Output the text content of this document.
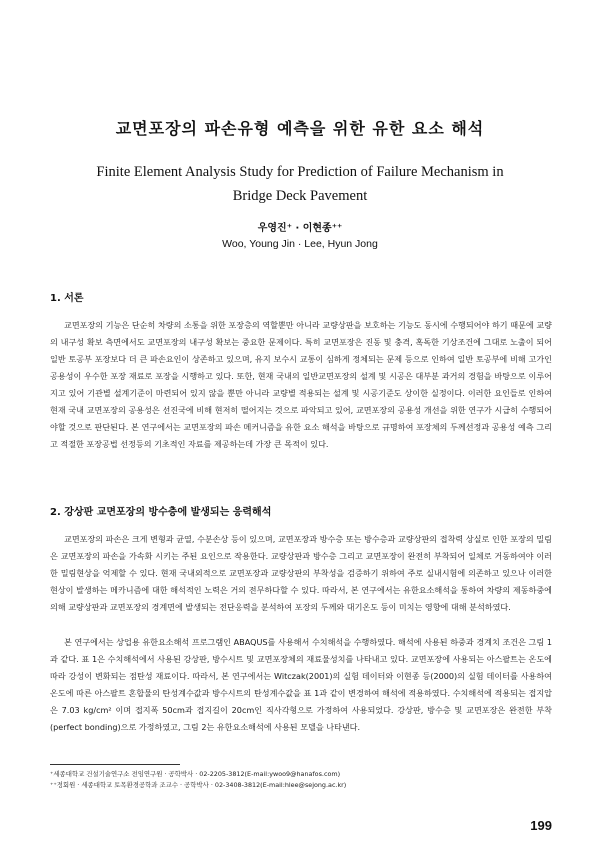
교면포장의 파손유형 예측을 위한 유한 요소 해석
Finite Element Analysis Study for Prediction of Failure Mechanism in
Bridge Deck Pavement
우영진⁺ · 이현종⁺⁺
Woo, Young Jin · Lee, Hyun Jong
1. 서론

교면포장의 기능은 단순히 차량의 소통을 위한 포장층의 역할뿐만 아니라 교량상판을 보호하는 기능도 동시에 수행되어야 하기 때문에 교량의 내구성 확보 측면에서도 교면포장의 내구성 확보는 중요한 문제이다. 특히 교면포장은 진동 및 충격, 혹독한 기상조건에 그대로 노출이 되어 일반 토공부 포장보다 더 큰 파손요인이 상존하고 있으며, 유지 보수시 교통이 심하게 정체되는 문제 등으로 인하여 일반 토공부에 비해 고가인 공용성이 우수한 포장 재료로 포장을 시행하고 있다. 또한, 현재 국내의 일반교면포장의 설계 및 시공은 대부분 과거의 경험을 바탕으로 이루어지고 있어 기관별 설계기준이 마련되어 있지 않을 뿐만 아니라 교량별 적용되는 설계 및 시공기준도 상이한 실정이다. 이러한 요인들로 인하여 현재 국내 교면포장의 공용성은 선진국에 비해 현저히 떨어지는 것으로 파악되고 있어, 교면포장의 공용성 개선을 위한 연구가 시급히 수행되어야할 것으로 판단된다. 본 연구에서는 교면포장의 파손 메커니즘을 유한 요소 해석을 바탕으로 규명하여 포장체의 두께선정과 공용성 예측 그리고 적절한 포장공법 선정등의 기초적인 자료를 제공하는데 가장 큰 목적이 있다.

2. 강상판 교면포장의 방수층에 발생되는 응력해석

교면포장의 파손은 크게 변형과 균열, 수분손상 등이 있으며, 교면포장과 방수층 또는 방수층과 교량상판의 접착력 상실로 인한 포장의 밀림은 교면포장의 파손을 가속화 시키는 주된 요인으로 작용한다. 교량상판과 방수층 그리고 교면포장이 완전히 부착되어 일체로 거동하여야 이러한 밀림현상을 억제할 수 있다. 현재 국내외적으로 교면포장과 교량상판의 부착성을 검증하기 위하여 주로 실내시험에 의존하고 있으나 이러한 현상이 발생하는 메카니즘에 대한 해석적인 노력은 거의 전무하다할 수 있다. 따라서, 본 연구에서는 유한요소해석을 통하여 차량의 제동하중에 의해 교량상판과 교면포장의 경계면에 발생되는 전단응력을 분석하여 포장의 두께와 대기온도 등이 미치는 영향에 대해 분석하였다.

본 연구에서는 상업용 유한요소해석 프로그램인 ABAQUS를 사용해서 수치해석을 수행하였다. 해석에 사용된 하중과 경계치 조건은 그림 1과 같다. 표 1은 수치해석에서 사용된 강상판, 방수시트 및 교면포장체의 재료물성치를 나타내고 있다. 교면포장에 사용되는 아스팔트는 온도에 따라 강성이 변화되는 점탄성 재료이다. 따라서, 본 연구에서는 Witczak(2001)의 실험 데이터와 이현종 등(2000)의 실험 데이터를 사용하여 온도에 따른 아스팔트 혼합물의 탄성계수값과 방수시트의 탄성계수값을 표 1과 같이 변경하여 해석에 적용하였다. 수치해석에 적용되는 접지압은 7.03 kg/cm² 이며 접지폭 50cm과 접지길이 20cm인 직사각형으로 가정하여 사용되었다. 강상판, 방수층 및 교면포장은 완전한 부착(perfect bonding)으로 가정하였고, 그림 2는 유한요소해석에 사용된 모델을 나타낸다.

⁺세종대학교 건설기술연구소 전임연구원 · 공학박사 · 02-2205-3812(E-mail:ywoo9@hanafos.com)
⁺⁺정회원 · 세종대학교 토목환경공학과 조교수 · 공학박사 · 02-3408-3812(E-mail:hlee@sejong.ac.kr)
199
